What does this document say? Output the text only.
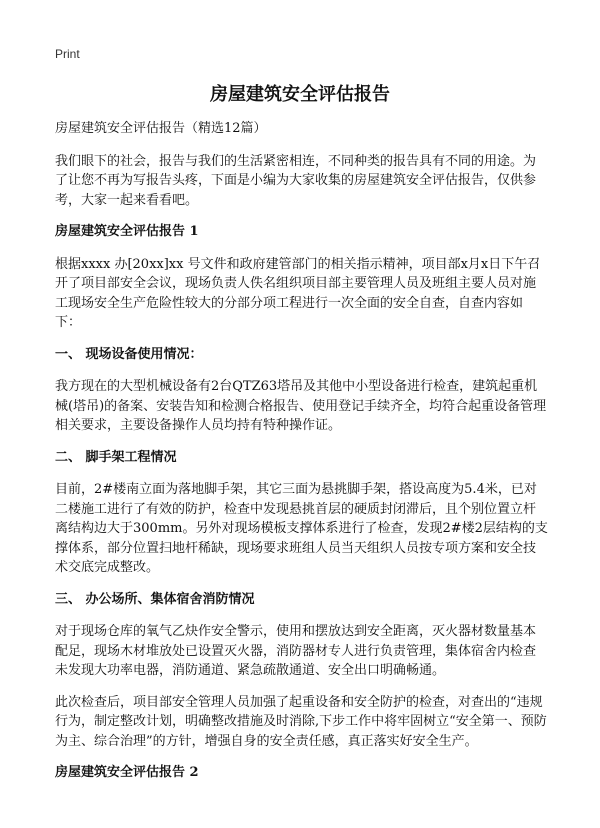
Print
房屋建筑安全评估报告

房屋建筑安全评估报告（精选12篇）

我们眼下的社会，报告与我们的生活紧密相连，不同种类的报告具有不同的用途。为了让您不再为写报告头疼，下面是小编为大家收集的房屋建筑安全评估报告，仅供参考，大家一起来看看吧。

房屋建筑安全评估报告 1

根据xxxx 办[20xx]xx 号文件和政府建管部门的相关指示精神，项目部x月x日下午召开了项目部安全会议，现场负责人佚名组织项目部主要管理人员及班组主要人员对施工现场安全生产危险性较大的分部分项工程进行一次全面的安全自查，自查内容如下：

一、 现场设备使用情况：

我方现在的大型机械设备有2台QTZ63塔吊及其他中小型设备进行检查，建筑起重机械(塔吊)的备案、安装告知和检测合格报告、使用登记手续齐全，均符合起重设备管理相关要求，主要设备操作人员均持有特种操作证。

二、 脚手架工程情况

目前，2#楼南立面为落地脚手架，其它三面为悬挑脚手架，搭设高度为5.4米，已对二楼施工进行了有效的防护，检查中发现悬挑首层的硬质封闭滞后，且个别位置立杆离结构边大于300mm。另外对现场模板支撑体系进行了检查，发现2#楼2层结构的支撑体系，部分位置扫地杆稀缺，现场要求班组人员当天组织人员按专项方案和安全技术交底完成整改。

三、 办公场所、集体宿舍消防情况

对于现场仓库的氧气乙炔作安全警示，使用和摆放达到安全距离，灭火器材数量基本配足，现场木材堆放处已设置灭火器，消防器材专人进行负责管理，集体宿舍内检查未发现大功率电器，消防通道、紧急疏散通道、安全出口明确畅通。

此次检查后，项目部安全管理人员加强了起重设备和安全防护的检查，对查出的“违规行为，制定整改计划，明确整改措施及时消除,下步工作中将牢固树立“安全第一、预防为主、综合治理”的方针，增强自身的安全责任感，真正落实好安全生产。

房屋建筑安全评估报告 2
